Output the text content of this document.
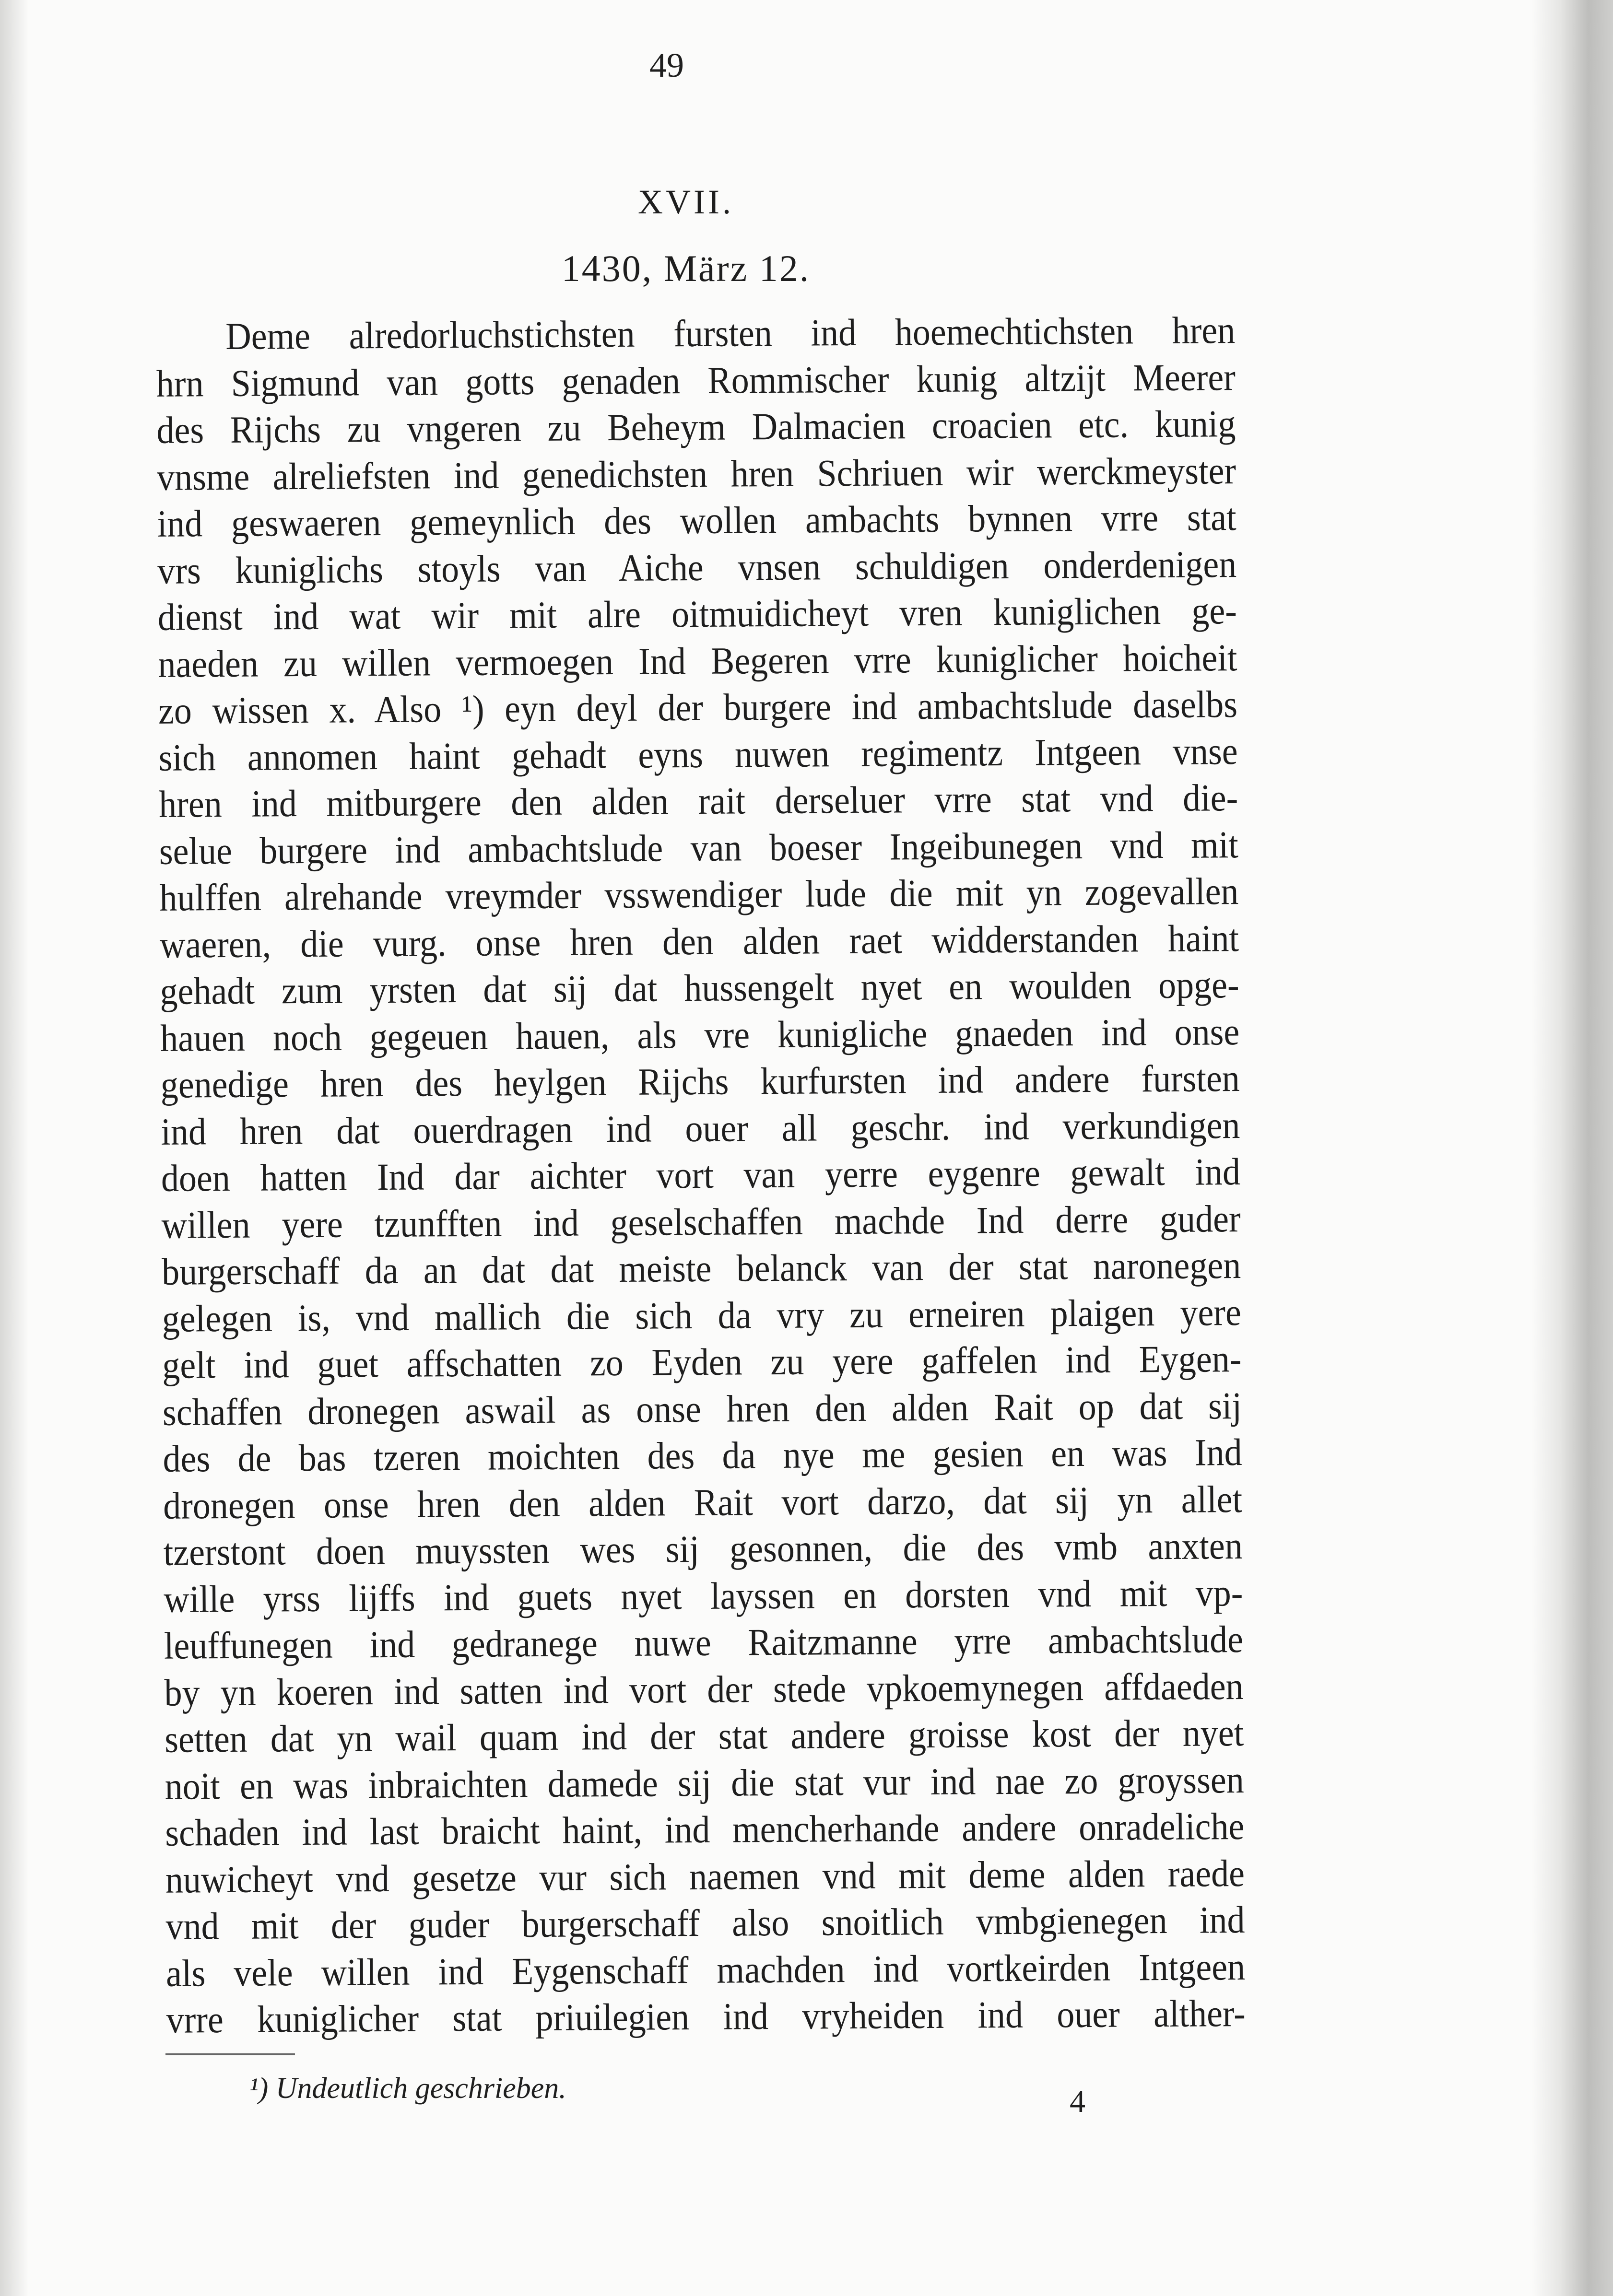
49
XVII.
1430, März 12.
Deme alredorluchstichsten fursten ind hoemechtichsten hren
hrn Sigmund van gotts genaden Rommischer kunig altzijt Meerer
des Rijchs zu vngeren zu Beheym Dalmacien croacien etc. kunig
vnsme alreliefsten ind genedichsten hren Schriuen wir werckmeyster
ind geswaeren gemeynlich des wollen ambachts bynnen vrre stat
vrs kuniglichs stoyls van Aiche vnsen schuldigen onderdenigen
dienst ind wat wir mit alre oitmuidicheyt vren kuniglichen ge-
naeden zu willen vermoegen Ind Begeren vrre kuniglicher hoicheit
zo wissen x. Also ¹) eyn deyl der burgere ind ambachtslude daselbs
sich annomen haint gehadt eyns nuwen regimentz Intgeen vnse
hren ind mitburgere den alden rait derseluer vrre stat vnd die-
selue burgere ind ambachtslude van boeser Ingeibunegen vnd mit
hulffen alrehande vreymder vsswendiger lude die mit yn zogevallen
waeren, die vurg. onse hren den alden raet widderstanden haint
gehadt zum yrsten dat sij dat hussengelt nyet en woulden opge-
hauen noch gegeuen hauen, als vre kunigliche gnaeden ind onse
genedige hren des heylgen Rijchs kurfursten ind andere fursten
ind hren dat ouerdragen ind ouer all geschr. ind verkundigen
doen hatten Ind dar aichter vort van yerre eygenre gewalt ind
willen yere tzunfften ind geselschaffen machde Ind derre guder
burgerschaff da an dat dat meiste belanck van der stat naronegen
gelegen is, vnd mallich die sich da vry zu erneiren plaigen yere
gelt ind guet affschatten zo Eyden zu yere gaffelen ind Eygen-
schaffen dronegen aswail as onse hren den alden Rait op dat sij
des de bas tzeren moichten des da nye me gesien en was Ind
dronegen onse hren den alden Rait vort darzo, dat sij yn allet
tzerstont doen muyssten wes sij gesonnen, die des vmb anxten
wille yrss lijffs ind guets nyet layssen en dorsten vnd mit vp-
leuffunegen ind gedranege nuwe Raitzmanne yrre ambachtslude
by yn koeren ind satten ind vort der stede vpkoemynegen affdaeden
setten dat yn wail quam ind der stat andere groisse kost der nyet
noit en was inbraichten damede sij die stat vur ind nae zo groyssen
schaden ind last braicht haint, ind mencherhande andere onradeliche
nuwicheyt vnd gesetze vur sich naemen vnd mit deme alden raede
vnd mit der guder burgerschaff also snoitlich vmbgienegen ind
als vele willen ind Eygenschaff machden ind vortkeirden Intgeen
vrre kuniglicher stat priuilegien ind vryheiden ind ouer alther-
¹) Undeutlich geschrieben.	4
